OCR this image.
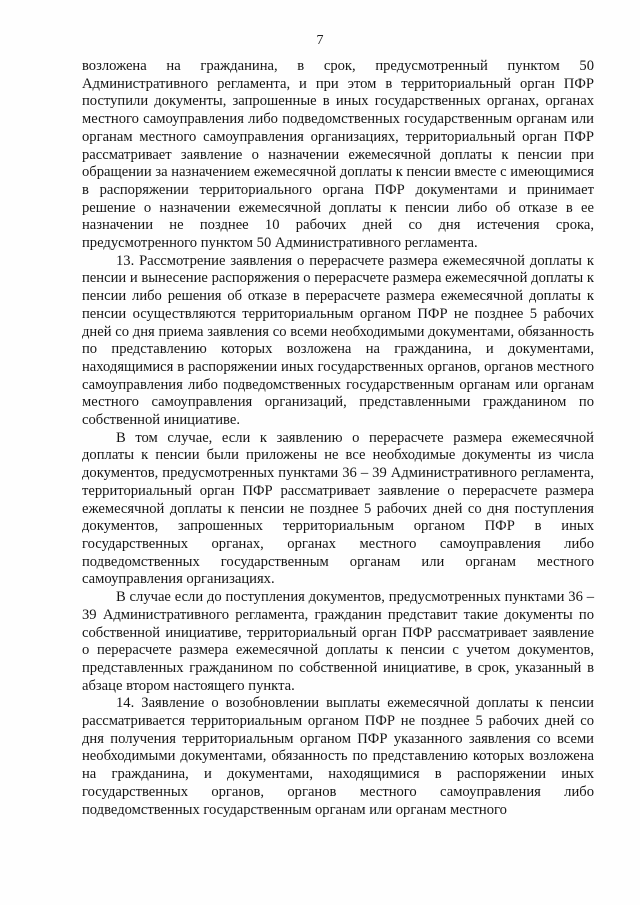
7

возложена на гражданина, в срок, предусмотренный пунктом 50 Административного регламента, и при этом в территориальный орган ПФР поступили документы, запрошенные в иных государственных органах, органах местного самоуправления либо подведомственных государственным органам или органам местного самоуправления организациях, территориальный орган ПФР рассматривает заявление о назначении ежемесячной доплаты к пенсии при обращении за назначением ежемесячной доплаты к пенсии вместе с имеющимися в распоряжении территориального органа ПФР документами и принимает решение о назначении ежемесячной доплаты к пенсии либо об отказе в ее назначении не позднее 10 рабочих дней со дня истечения срока, предусмотренного пунктом 50 Административного регламента.

13. Рассмотрение заявления о перерасчете размера ежемесячной доплаты к пенсии и вынесение распоряжения о перерасчете размера ежемесячной доплаты к пенсии либо решения об отказе в перерасчете размера ежемесячной доплаты к пенсии осуществляются территориальным органом ПФР не позднее 5 рабочих дней со дня приема заявления со всеми необходимыми документами, обязанность по представлению которых возложена на гражданина, и документами, находящимися в распоряжении иных государственных органов, органов местного самоуправления либо подведомственных государственным органам или органам местного самоуправления организаций, представленными гражданином по собственной инициативе.

В том случае, если к заявлению о перерасчете размера ежемесячной доплаты к пенсии были приложены не все необходимые документы из числа документов, предусмотренных пунктами 36 – 39 Административного регламента, территориальный орган ПФР рассматривает заявление о перерасчете размера ежемесячной доплаты к пенсии не позднее 5 рабочих дней со дня поступления документов, запрошенных территориальным органом ПФР в иных государственных органах, органах местного самоуправления либо подведомственных государственным органам или органам местного самоуправления организациях.

В случае если до поступления документов, предусмотренных пунктами 36 – 39 Административного регламента, гражданин представит такие документы по собственной инициативе, территориальный орган ПФР рассматривает заявление о перерасчете размера ежемесячной доплаты к пенсии с учетом документов, представленных гражданином по собственной инициативе, в срок, указанный в абзаце втором настоящего пункта.

14. Заявление о возобновлении выплаты ежемесячной доплаты к пенсии рассматривается территориальным органом ПФР не позднее 5 рабочих дней со дня получения территориальным органом ПФР указанного заявления со всеми необходимыми документами, обязанность по представлению которых возложена на гражданина, и документами, находящимися в распоряжении иных государственных органов, органов местного самоуправления либо подведомственных государственным органам или органам местного
